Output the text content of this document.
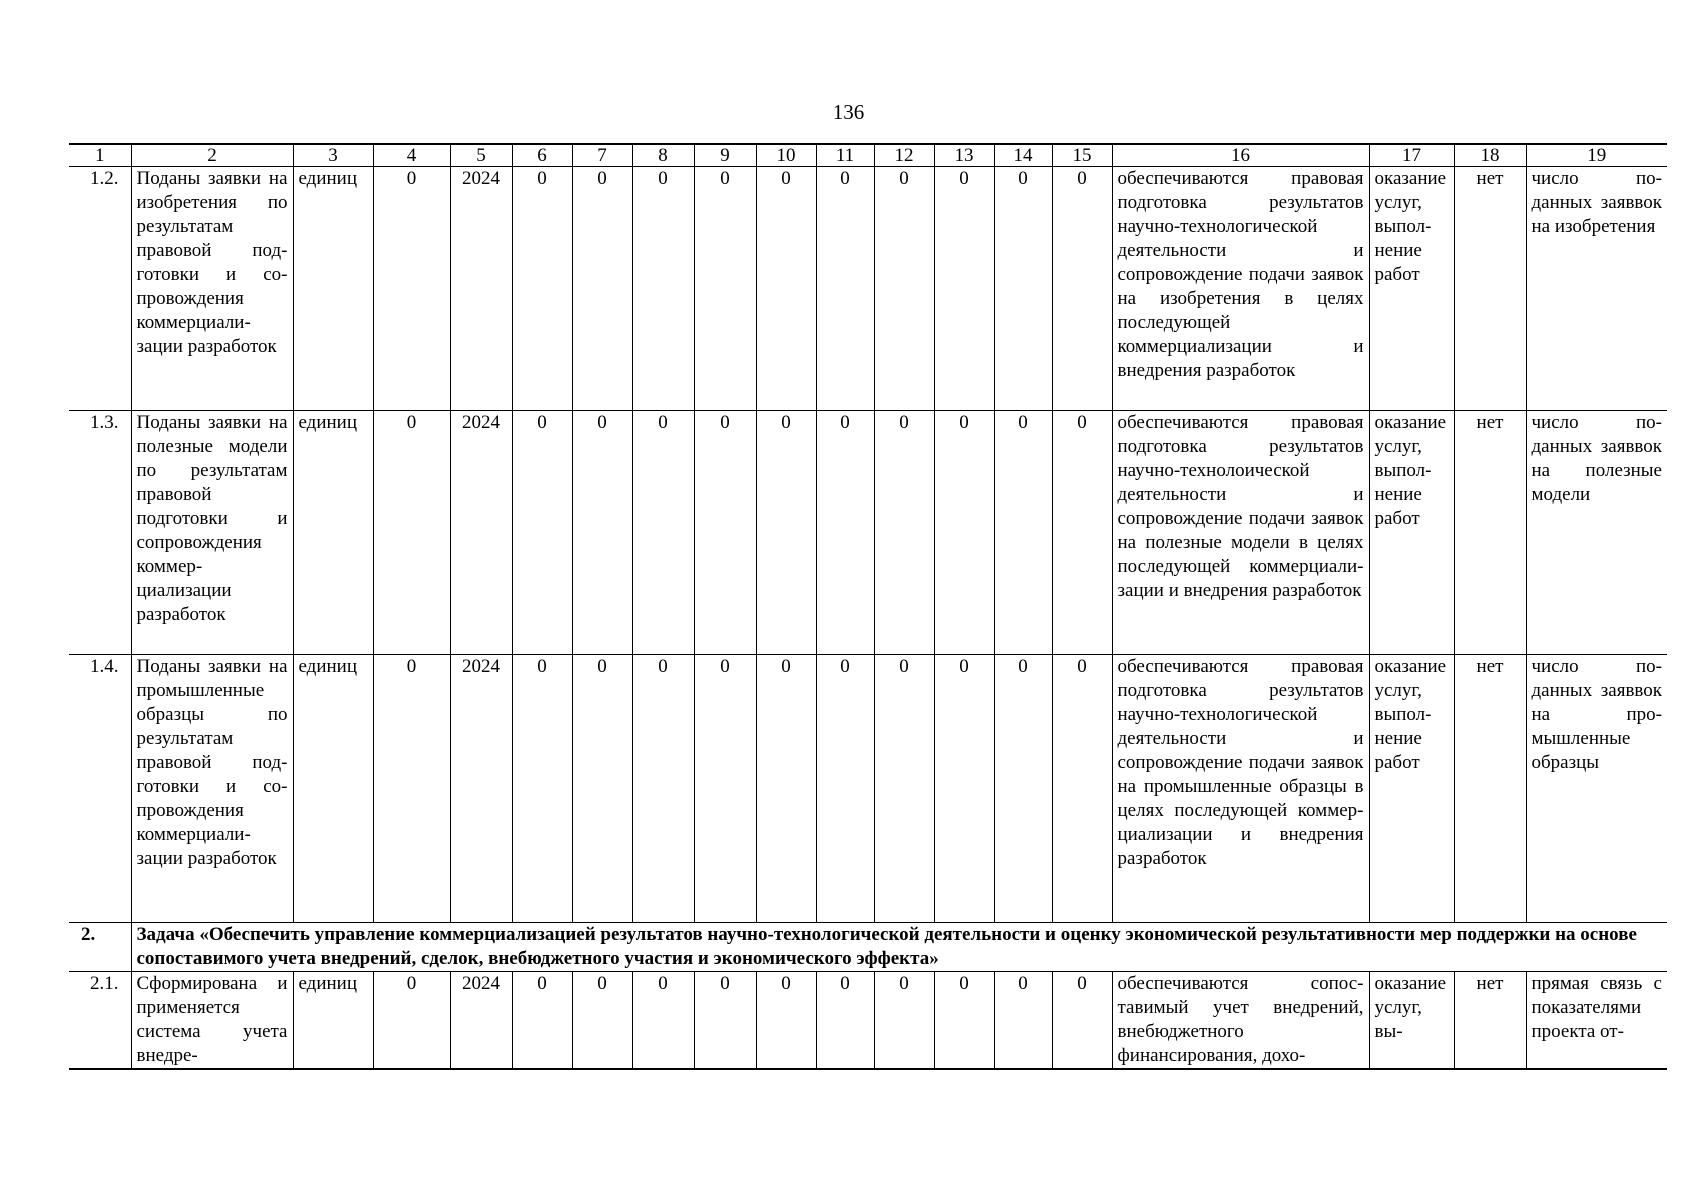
136
1	2	3	4	5	6	7	8	9	10	11	12	13	14	15	16	17	18	19
1.2.	Поданы заявки на изобретения по результатам правовой подготовки и сопровождения коммерциализации разработок	единиц	0	2024	0	0	0	0	0	0	0	0	0	0	обеспечиваются правовая подготовка результатов научно-технологической деятельности и сопровождение подачи заявок на изобретения в целях последующей коммерциализации и внедрения разработок	оказание услуг, выполнение работ	нет	число поданных заяввок на изобретения
1.3.	Поданы заявки на полезные модели по результатам правовой подготовки и сопровождения коммерциализации разработок	единиц	0	2024	0	0	0	0	0	0	0	0	0	0	обеспечиваются правовая подготовка результатов научно-технолоической деятельности и сопровождение подачи заявок на полезные модели в целях последующей коммерциализации и внедрения разработок	оказание услуг, выполнение работ	нет	число поданных заяввок на полезные модели
1.4.	Поданы заявки на промышленные образцы по результатам правовой подготовки и сопровождения коммерциализации разработок	единиц	0	2024	0	0	0	0	0	0	0	0	0	0	обеспечиваются правовая подготовка результатов научно-технологической деятельности и сопровождение подачи заявок на промышленные образцы в целях последующей коммерциализации и внедрения разработок	оказание услуг, выполнение работ	нет	число поданных заяввок на промышленные образцы
2.	Задача «Обеспечить управление коммерциализацией результатов научно-технологической деятельности и оценку экономической результативности мер поддержки на основе сопоставимого учета внедрений, сделок, внебюджетного участия и экономического эффекта»																	
2.1.	Сформирована и применяется система учета внедре-	единиц	0	2024	0	0	0	0	0	0	0	0	0	0	обеспечиваются сопоставимый учет внедрений, внебюджетного финансирования, дохо-	оказание услуг, вы-	нет	прямая связь с показателями проекта от-
